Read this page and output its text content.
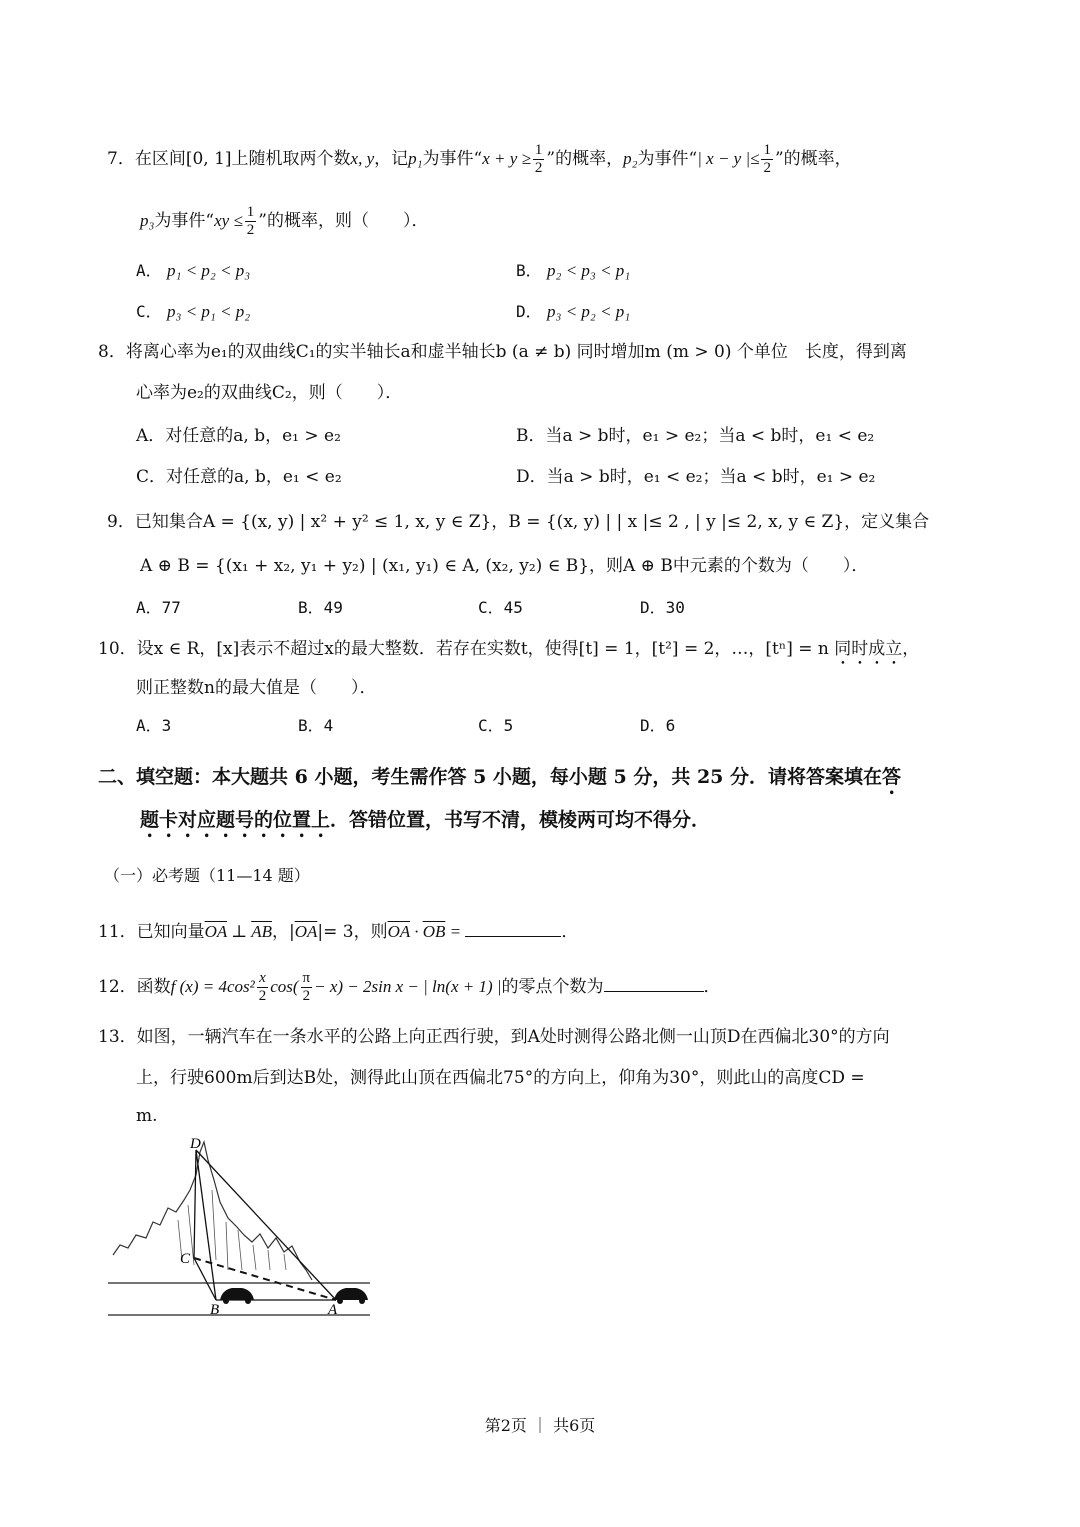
7．在区间[0, 1]上随机取两个数x, y，记p₁为事件“$x + y \ge \frac{1}{2}$ ”的概率，p₂为事件“| x − y |≤ $\frac{1}{2}$ ”的概率，
p₃为事件“xy ≤ $\frac{1}{2}$ ”的概率，则（　　）．
A． p₁ < p₂ < p₃	B． p₂ < p₃ < p₁
C． p₃ < p₁ < p₂	D． p₃ < p₂ < p₁
8．将离心率为e₁的双曲线C₁的实半轴长a和虚半轴长b (a ≠ b) 同时增加m (m > 0) 个单位　长度，得到离
心率为e₂的双曲线C₂，则（　　）．
A．对任意的a, b，e₁ > e₂	B．当a > b时，e₁ > e₂；当a < b时，e₁ < e₂
C．对任意的a, b，e₁ < e₂	D．当a > b时，e₁ < e₂；当a < b时，e₁ > e₂
9．已知集合A = {(x, y) | x² + y² ≤ 1, x, y ∈ Z}，B = {(x, y) | | x |≤ 2 , | y |≤ 2, x, y ∈ Z}，定义集合
A ⊕ B = {(x₁ + x₂, y₁ + y₂) | (x₁, y₁) ∈ A, (x₂, y₂) ∈ B}，则A ⊕ B中元素的个数为（　　）．
A．77	B．49	C．45	D．30
10．设x ∈ R，[x]表示不超过x的最大整数．若存在实数t，使得[t] = 1，[t²] = 2，…，[tⁿ] = n 同时成立，
则正整数n的最大值是（　　）．
A．3	B．4	C．5	D．6
二、填空题：本大题共 6 小题，考生需作答 5 小题，每小题 5 分，共 25 分．请将答案填在答
题卡对应题号的位置上．答错位置，书写不清，模棱两可均不得分．
（一）必考题（11—14 题）
11．已知向量$\overline{OA}$ ⊥ $\overline{AB}$，$|\overline{OA}|= 3$，则$\overline{OA} \cdot \overline{OB}$ =	．
12．函数f $(x) = 4\cos^2 \frac{x}{2} \cos( \frac{\pi}{2} - x) - 2\sin$ x − | ln(x + 1) |的零点个数为	．
13．如图，一辆汽车在一条水平的公路上向正西行驶，到A处时测得公路北侧一山顶D在西偏北30°的方向
上，行驶600m后到达B处，测得此山顶在西偏北75°的方向上，仰角为30°，则此山的高度CD =
m.
D
C
B	A
第2页 ｜ 共6页
